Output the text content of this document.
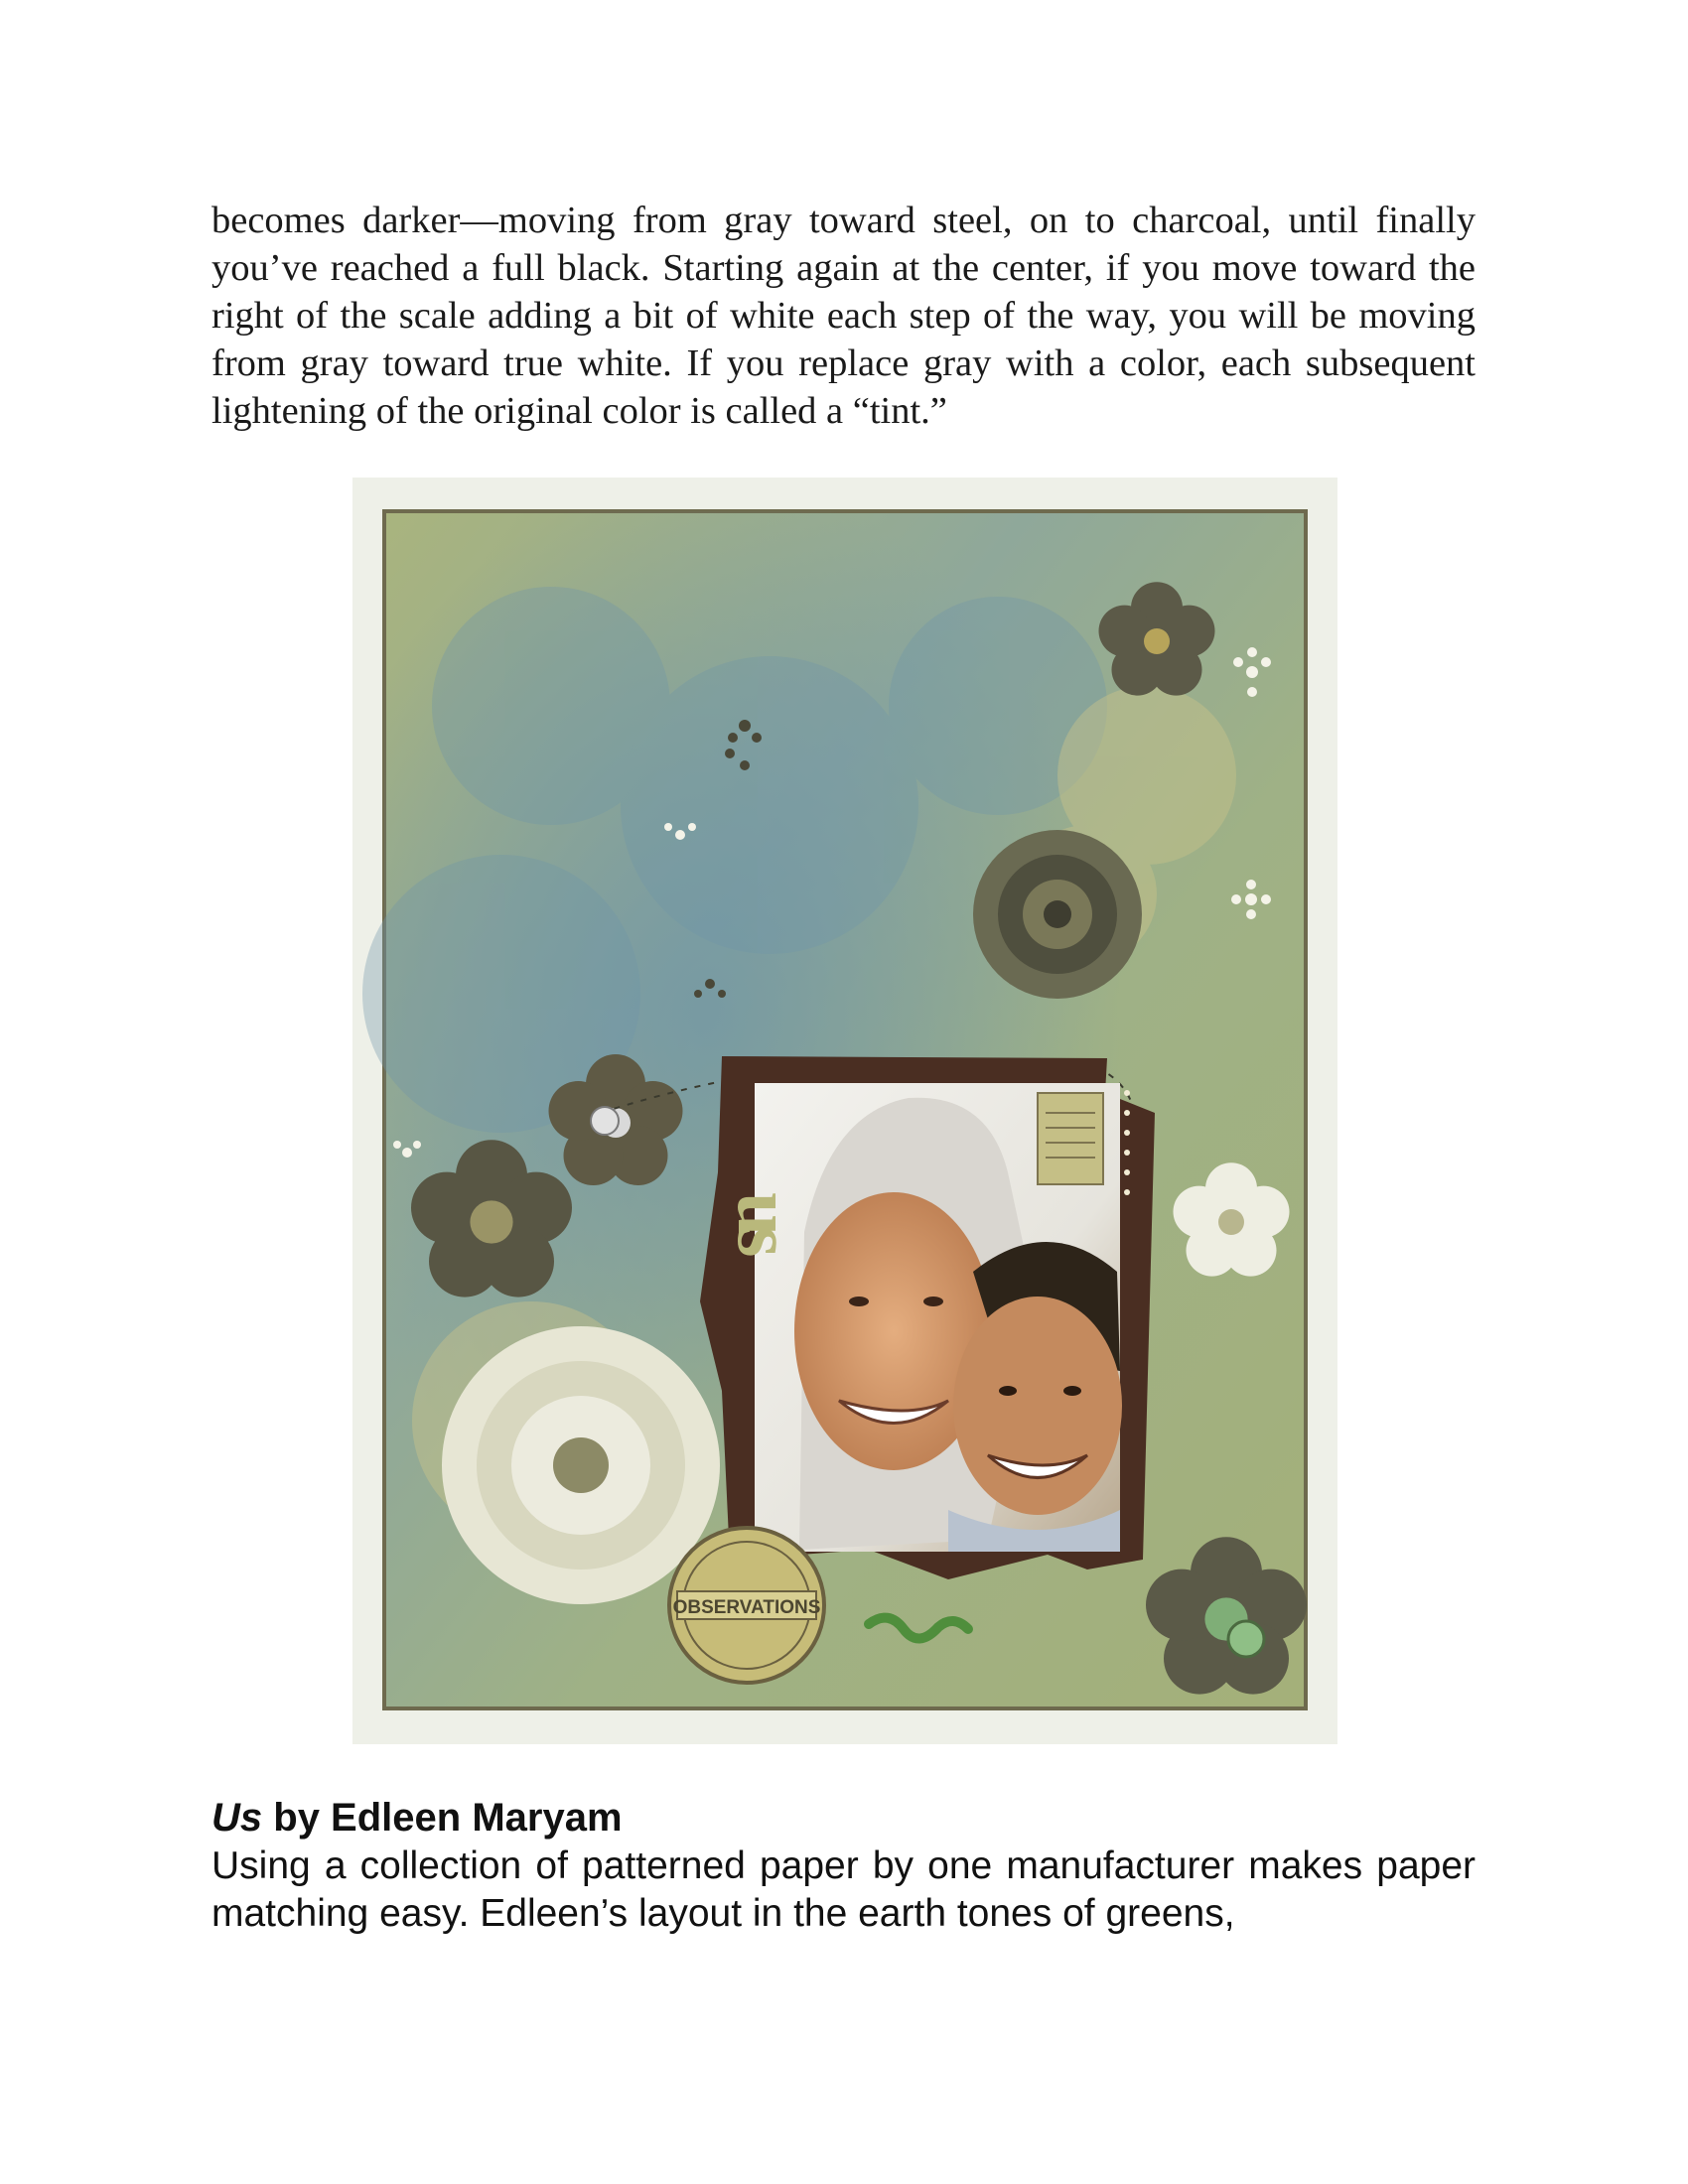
becomes darker—moving from gray toward steel, on to charcoal, until finally you’ve reached a full black. Starting again at the center, if you move toward the right of the scale adding a bit of white each step of the way, you will be moving from gray toward true white. If you replace gray with a color, each subsequent lightening of the original color is called a “tint.”

us
OBSERVATIONS

Us by Edleen Maryam

Using a collection of patterned paper by one manufacturer makes paper matching easy. Edleen’s layout in the earth tones of greens,
